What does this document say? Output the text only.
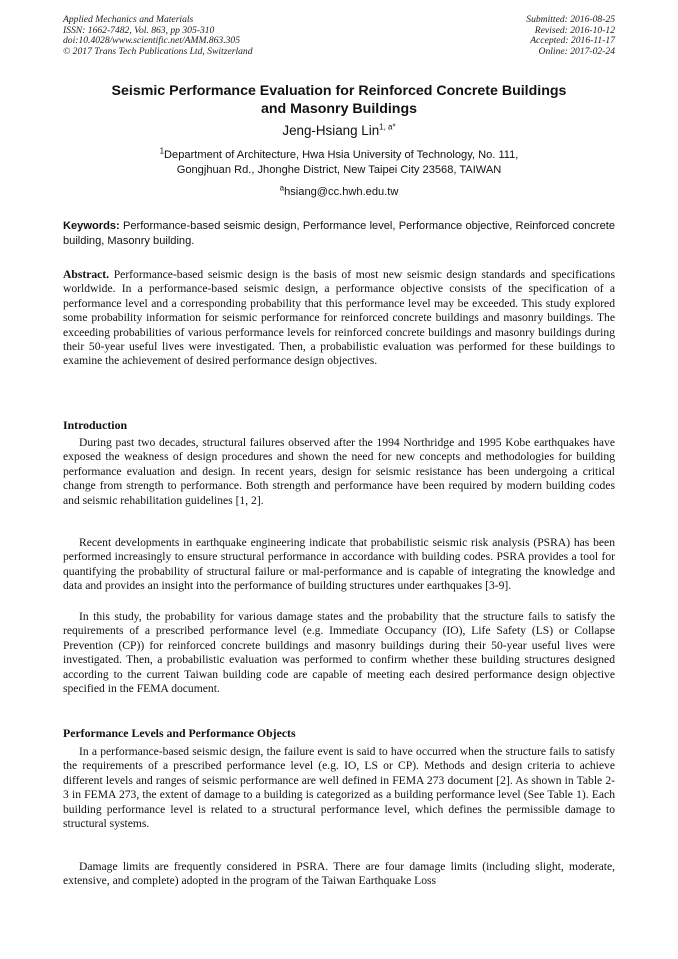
Applied Mechanics and Materials
ISSN: 1662-7482, Vol. 863, pp 305-310
doi:10.4028/www.scientific.net/AMM.863.305
© 2017 Trans Tech Publications Ltd, Switzerland
Submitted: 2016-08-25
Revised: 2016-10-12
Accepted: 2016-11-17
Online: 2017-02-24
Seismic Performance Evaluation for Reinforced Concrete Buildings
and Masonry Buildings
Jeng-Hsiang Lin$^{1, a*}$
$^1$Department of Architecture, Hwa Hsia University of Technology, No. 111,
Gongjhuan Rd., Jhonghe District, New Taipei City 23568, TAIWAN
$^a$hsiang@cc.hwh.edu.tw
Keywords: Performance-based seismic design, Performance level, Performance objective, Reinforced concrete building, Masonry building.

Abstract. Performance-based seismic design is the basis of most new seismic design standards and specifications worldwide. In a performance-based seismic design, a performance objective consists of the specification of a performance level and a corresponding probability that this performance level may be exceeded. This study explored some probability information for seismic performance for reinforced concrete buildings and masonry buildings. The exceeding probabilities of various performance levels for reinforced concrete buildings and masonry buildings during their 50-year useful lives were investigated. Then, a probabilistic evaluation was performed for these buildings to examine the achievement of desired performance design objectives.

Introduction

During past two decades, structural failures observed after the 1994 Northridge and 1995 Kobe earthquakes have exposed the weakness of design procedures and shown the need for new concepts and methodologies for building performance evaluation and design. In recent years, design for seismic resistance has been undergoing a critical change from strength to performance. Both strength and performance have been required by modern building codes and seismic rehabilitation guidelines [1, 2].

Recent developments in earthquake engineering indicate that probabilistic seismic risk analysis (PSRA) has been performed increasingly to ensure structural performance in accordance with building codes. PSRA provides a tool for quantifying the probability of structural failure or mal-performance and is capable of integrating the knowledge and data and provides an insight into the performance of building structures under earthquakes [3-9].

In this study, the probability for various damage states and the probability that the structure fails to satisfy the requirements of a prescribed performance level (e.g. Immediate Occupancy (IO), Life Safety (LS) or Collapse Prevention (CP)) for reinforced concrete buildings and masonry buildings during their 50-year useful lives were investigated. Then, a probabilistic evaluation was performed to confirm whether these building structures designed according to the current Taiwan building code are capable of meeting each desired performance design objective specified in the FEMA document.

Performance Levels and Performance Objects

In a performance-based seismic design, the failure event is said to have occurred when the structure fails to satisfy the requirements of a prescribed performance level (e.g. IO, LS or CP). Methods and design criteria to achieve different levels and ranges of seismic performance are well defined in FEMA 273 document [2]. As shown in Table 2-3 in FEMA 273, the extent of damage to a building is categorized as a building performance level (See Table 1). Each building performance level is related to a structural performance level, which defines the permissible damage to structural systems.

Damage limits are frequently considered in PSRA. There are four damage limits (including slight, moderate, extensive, and complete) adopted in the program of the Taiwan Earthquake Loss
